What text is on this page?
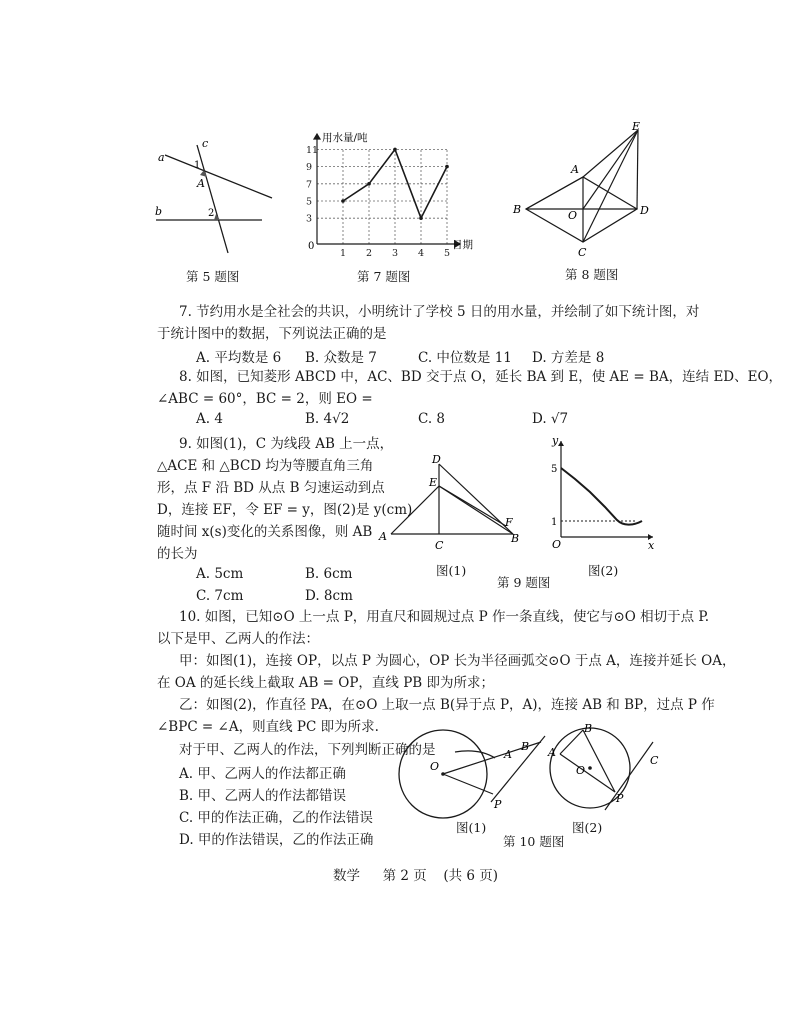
a
b
c
1
A
2
第 5 题图
3
5
7
9
11
1 2 3 4 5
用水量/吨
日期
0
第 7 题图
E
A
B	O	D
C
第 8 题图
7. 节约用水是全社会的共识，小明统计了学校 5 日的用水量，并绘制了如下统计图，对
于统计图中的数据，下列说法正确的是
A. 平均数是 6 B. 众数是 7	C. 中位数是 11 D. 方差是 8
8. 如图，已知菱形 ABCD 中，AC、BD 交于点 O，延长 BA 到 E，使 AE = BA，连结 ED、EO，
∠ABC = 60°，BC = 2，则 EO =
A. 4	B. 4√2	C. 8	D. √7
9. 如图(1)，C 为线段 AB 上一点，
△ACE 和 △BCD 均为等腰直角三角
形，点 F 沿 BD 从点 B 匀速运动到点
D，连接 EF，令 EF = y，图(2)是 y(cm)
随时间 x(s)变化的关系图像，则 AB
的长为
A. 5cm	B. 6cm
C. 7cm	D. 8cm
D
E
F
A
C
B
图(1)
y
5
1
O	x
图(2)
第 9 题图
10. 如图，已知⊙O 上一点 P，用直尺和圆规过点 P 作一条直线，使它与⊙O 相切于点 P.
以下是甲、乙两人的作法：
甲：如图(1)，连接 OP，以点 P 为圆心，OP 长为半径画弧交⊙O 于点 A，连接并延长 OA，
在 OA 的延长线上截取 AB = OP，直线 PB 即为所求；
乙：如图(2)，作直径 PA，在⊙O 上取一点 B(异于点 P，A)，连接 AB 和 BP，过点 P 作
∠BPC = ∠A，则直线 PC 即为所求.
对于甲、乙两人的作法，下列判断正确的是
A. 甲、乙两人的作法都正确
B. 甲、乙两人的作法都错误
C. 甲的作法正确，乙的作法错误
D. 甲的作法错误，乙的作法正确
O
A
B
P
图(1)
O
A
B
P
C
图(2)
第 10 题图
数学 第 2 页 (共 6 页)
